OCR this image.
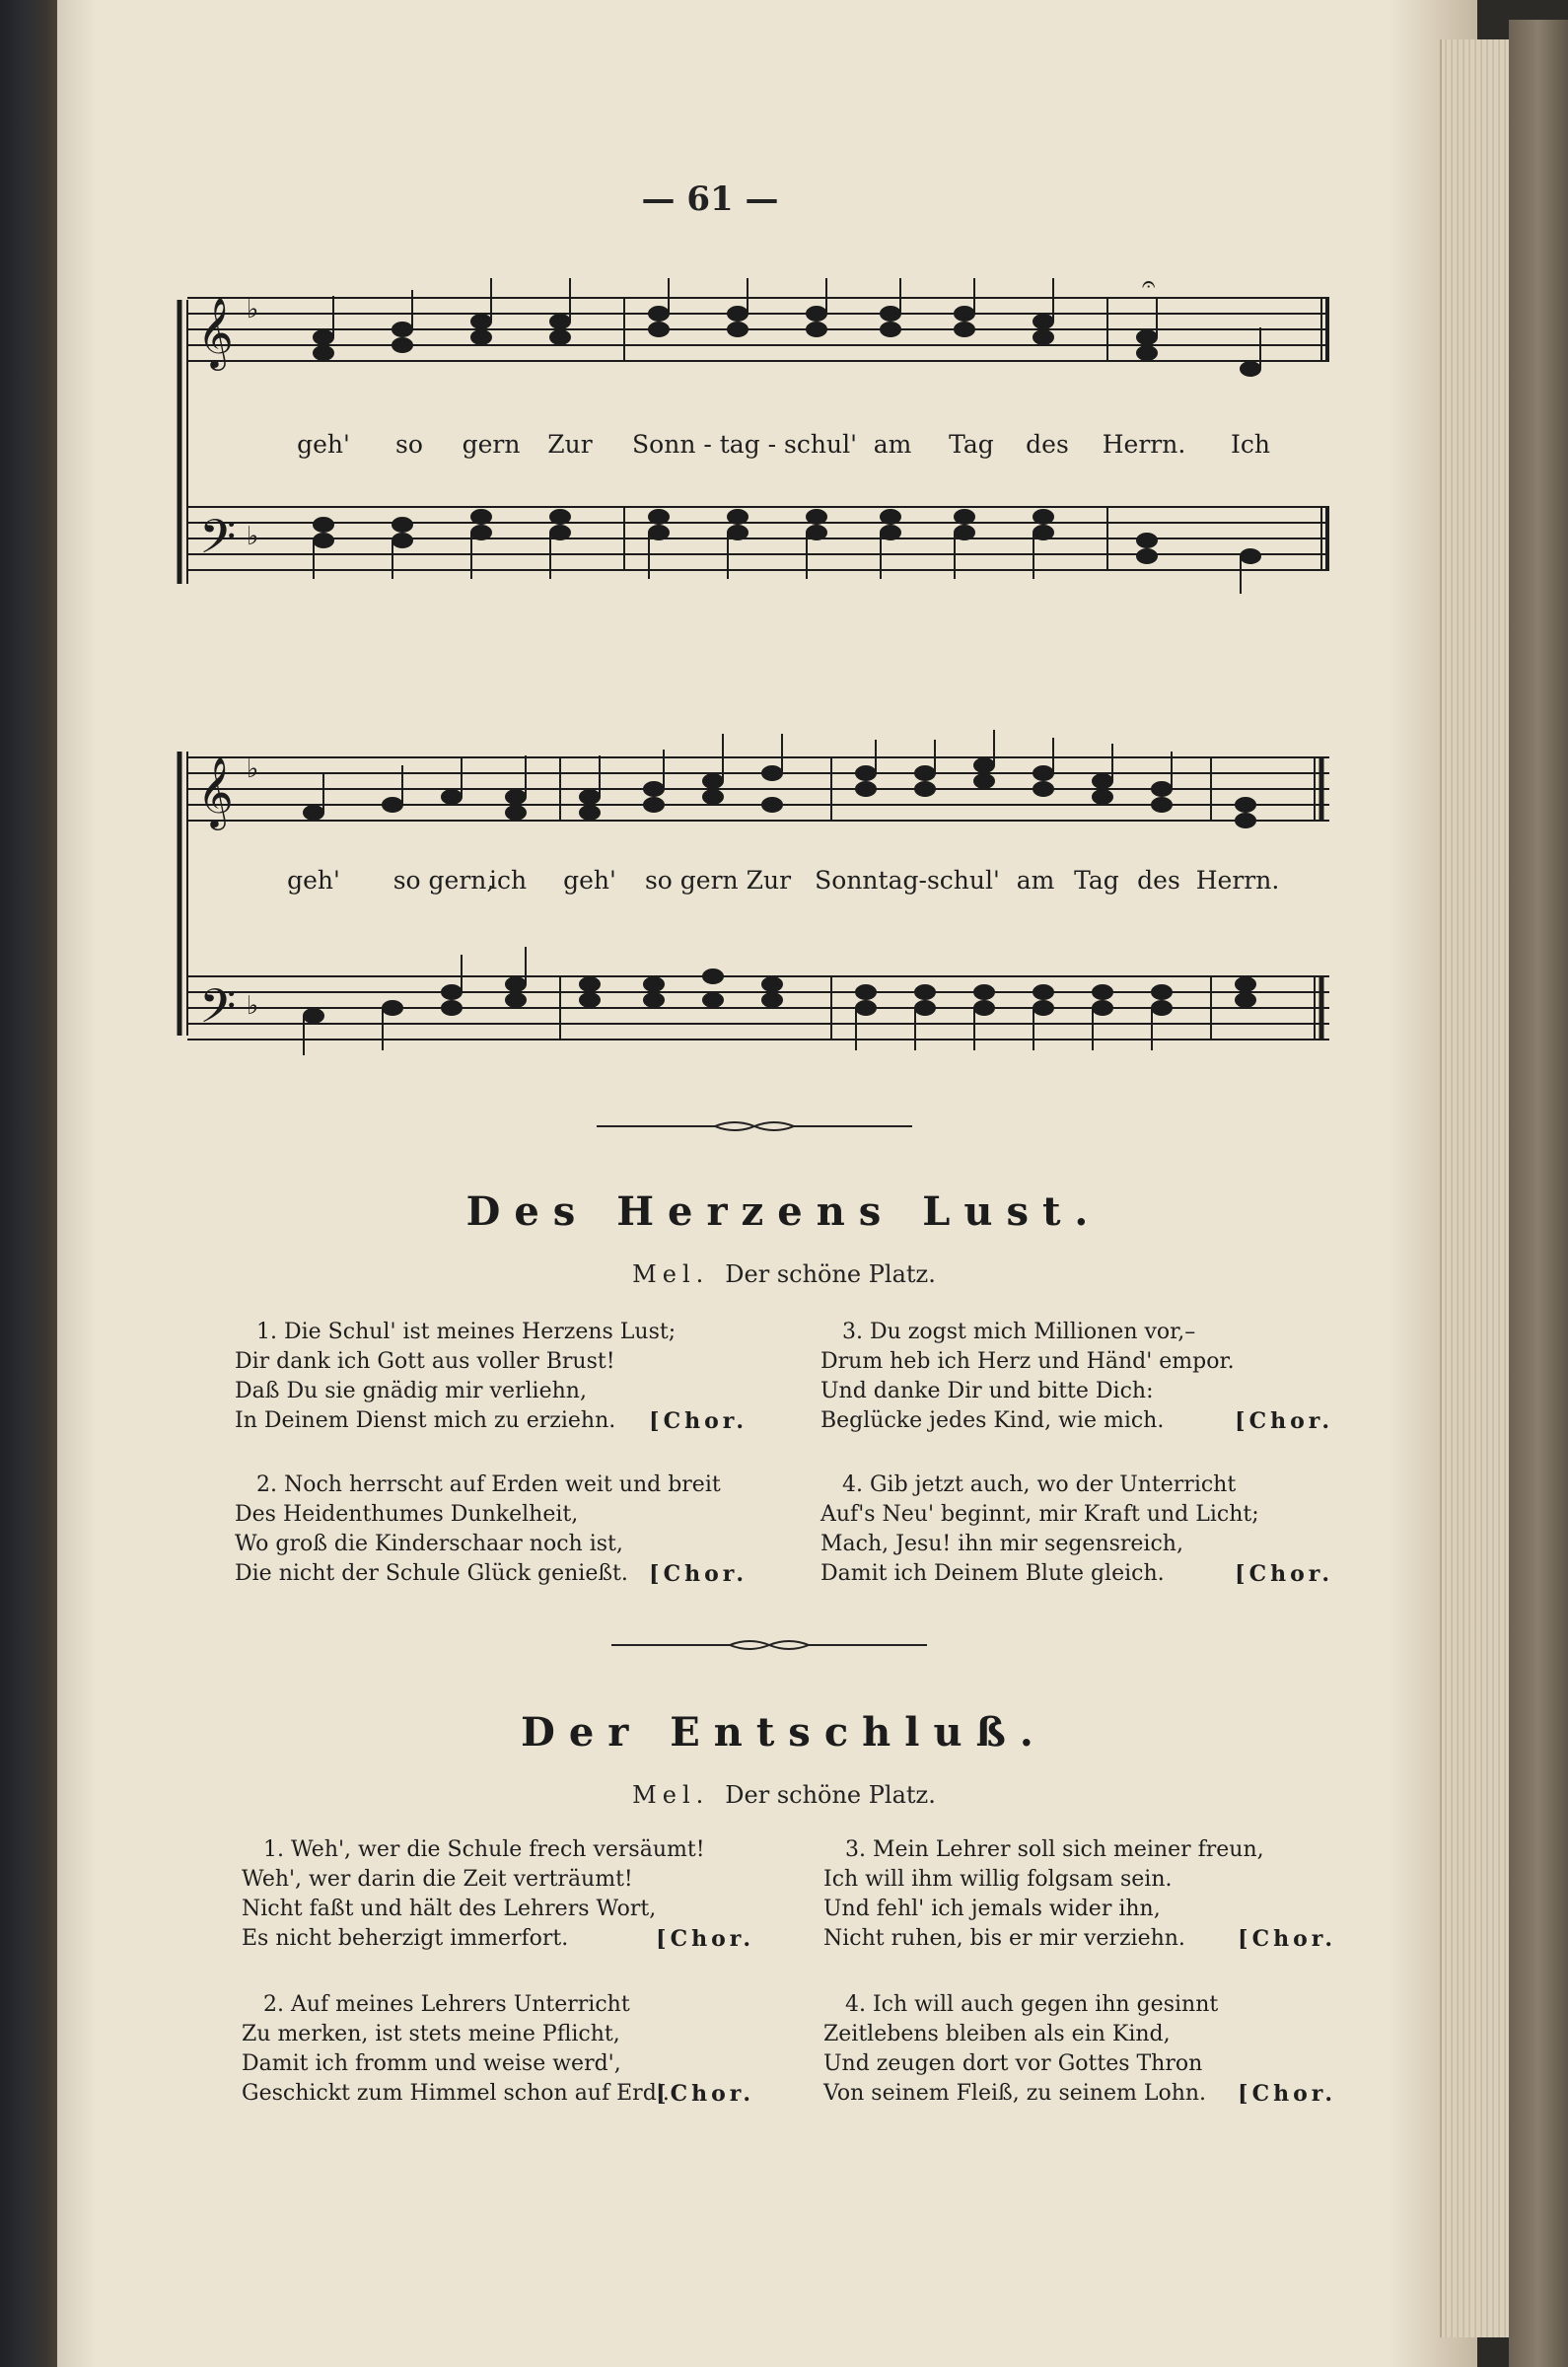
— 61 —
𝄞
𝄢
♭
♭
𝄐
geh' so gern Zur Sonn - tag - schul' am Tag des Herrn. Ich
𝄞
𝄢
♭
♭
geh' so gern,
ich geh' so gern Zur Sonntag-schul' am Tag des Herrn.
Des Herzens Lust.
Mel. Der schöne Platz.
1. Die Schul' ist meines Herzens Lust;
Dir dank ich Gott aus voller Brust!
Daß Du sie gnädig mir verliehn,
In Deinem Dienst mich zu erziehn. [Chor.
2. Noch herrscht auf Erden weit und breit
Des Heidenthumes Dunkelheit,
Wo groß die Kinderschaar noch ist,
Die nicht der Schule Glück genießt. [Chor.
3. Du zogst mich Millionen vor,–
Drum heb ich Herz und Händ' empor.
Und danke Dir und bitte Dich:
Beglücke jedes Kind, wie mich.	[Chor.
4. Gib jetzt auch, wo der Unterricht
Auf's Neu' beginnt, mir Kraft und Licht;
Mach, Jesu! ihn mir segensreich,
Damit ich Deinem Blute gleich.	[Chor.
Der Entschluß.
Mel. Der schöne Platz.
1. Weh', wer die Schule frech versäumt!
Weh', wer darin die Zeit verträumt!
Nicht faßt und hält des Lehrers Wort,
Es nicht beherzigt immerfort.	[Chor.
2. Auf meines Lehrers Unterricht
Zu merken, ist stets meine Pflicht,
Damit ich fromm und weise werd',
Geschickt zum Himmel schon auf Erd'.
[Chor.
3. Mein Lehrer soll sich meiner freun,
Ich will ihm willig folgsam sein.
Und fehl' ich jemals wider ihn,
Nicht ruhen, bis er mir verziehn. [Chor.
4. Ich will auch gegen ihn gesinnt
Zeitlebens bleiben als ein Kind,
Und zeugen dort vor Gottes Thron
Von seinem Fleiß, zu seinem Lohn. [Chor.
